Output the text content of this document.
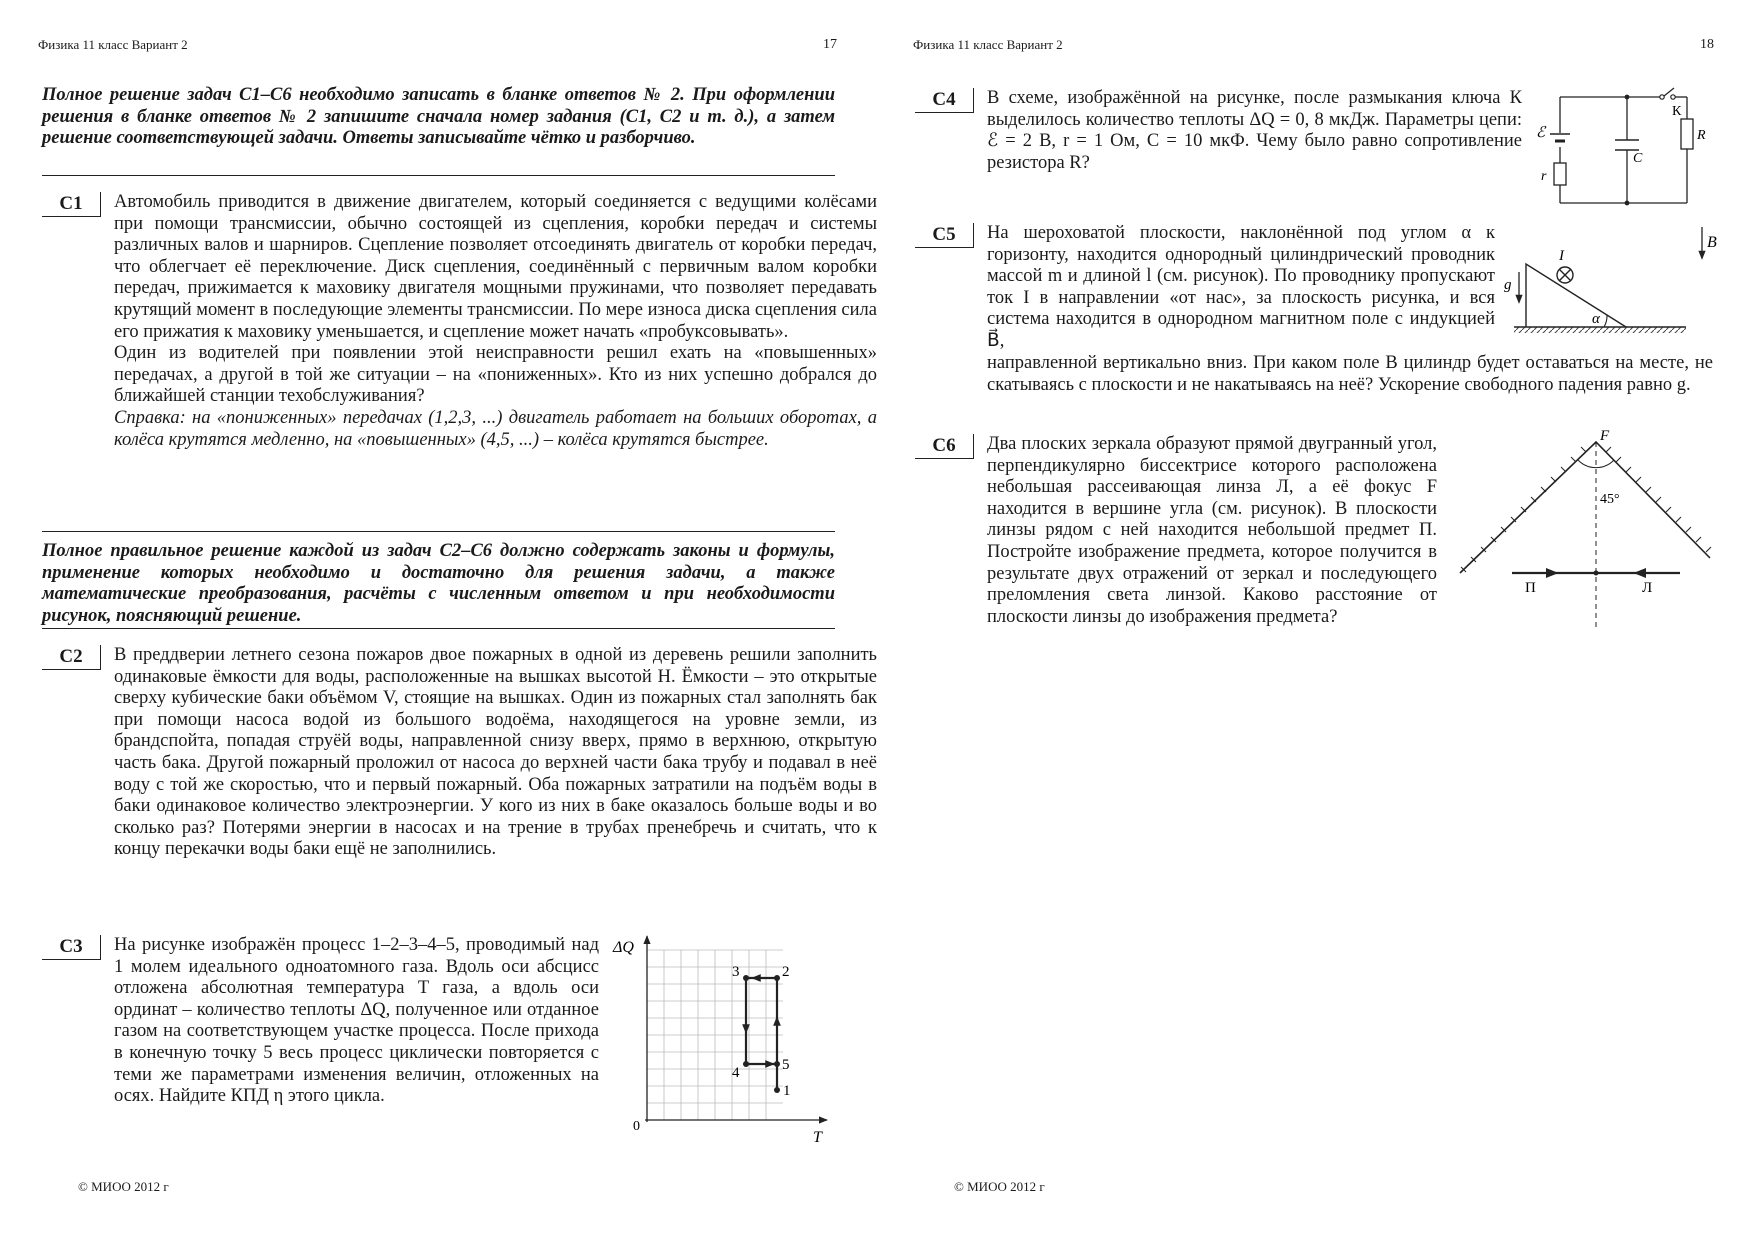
Физика 11 класс Вариант 2	17
Полное решение задач С1–С6 необходимо записать в бланке ответов № 2. При оформлении решения в бланке ответов № 2 запишите сначала номер задания (С1, С2 и т. д.), а затем решение соответствующей задачи. Ответы записывайте чётко и разборчиво.
С1	Автомобиль приводится в движение двигателем, который соединяется с ведущими колёсами при помощи трансмиссии, обычно состоящей из сцепления, коробки передач и системы различных валов и шарниров. Сцепление позволяет отсоединять двигатель от коробки передач, что облегчает её переключение. Диск сцепления, соединённый с первичным валом коробки передач, прижимается к маховику двигателя мощными пружинами, что позволяет передавать крутящий момент в последующие элементы трансмиссии. По мере износа диска сцепления сила его прижатия к маховику уменьшается, и сцепление может начать «пробуксовывать».

Один из водителей при появлении этой неисправности решил ехать на «повышенных» передачах, а другой в той же ситуации – на «пониженных». Кто из них успешно добрался до ближайшей станции техобслуживания?

Справка: на «пониженных» передачах (1,2,3, ...) двигатель работает на больших оборотах, а колёса крутятся медленно, на «повышенных» (4,5, ...) – колёса крутятся быстрее.

Полное правильное решение каждой из задач С2–С6 должно содержать законы и формулы, применение которых необходимо и достаточно для решения задачи, а также математические преобразования, расчёты с численным ответом и при необходимости рисунок, поясняющий решение.
С2	В преддверии летнего сезона пожаров двое пожарных в одной из деревень решили заполнить одинаковые ёмкости для воды, расположенные на вышках высотой H. Ёмкости – это открытые сверху кубические баки объёмом V, стоящие на вышках. Один из пожарных стал заполнять бак при помощи насоса водой из большого водоёма, находящегося на уровне земли, из брандспойта, попадая струёй воды, направленной снизу вверх, прямо в верхнюю, открытую часть бака. Другой пожарный проложил от насоса до верхней части бака трубу и подавал в неё воду с той же скоростью, что и первый пожарный. Оба пожарных затратили на подъём воды в баки одинаковое количество электроэнергии. У кого из них в баке оказалось больше воды и во сколько раз? Потерями энергии в насосах и на трение в трубах пренебречь и считать, что к концу перекачки воды баки ещё не заполнились.
С3	На рисунке изображён процесс 1–2–3–4–5, проводимый над 1 молем идеального одноатомного газа. Вдоль оси абсцисс отложена абсолютная температура T газа, а вдоль оси ординат – количество теплоты ΔQ, полученное или отданное газом на соответствующем участке процесса. После прихода в конечную точку 5 весь процесс циклически повторяется с теми же параметрами изменения величин, отложенных на осях. Найдите КПД η этого цикла.
ΔQ
T
0
1
2
3
4	5
© МИОО 2012 г
Физика 11 класс Вариант 2	18
С4	В схеме, изображённой на рисунке, после размыкания ключа К выделилось количество теплоты ΔQ = 0, 8 мкДж. Параметры цепи: ℰ = 2 В, r = 1 Ом, С = 10 мкФ. Чему было равно сопротивление резистора R?
ℰ
r
C
К
R
С5	На шероховатой плоскости, наклонённой под углом α к горизонту, находится однородный цилиндрический проводник массой m и длиной l (см. рисунок). По проводнику пропускают ток I в направлении «от нас», за плоскость рисунка, и вся система находится в однородном магнитном поле с индукцией B⃗,
направленной вертикально вниз. При каком поле B цилиндр будет оставаться на месте, не скатываясь с плоскости и не накатываясь на неё? Ускорение свободного падения равно g.
B⃗
g⃗
I
α
Два плоских зеркала образуют прямой двугранный угол, перпендикулярно биссектрисе которого расположена небольшая рассеивающая линза Л, а её фокус F находится в вершине угла (см. рисунок). В плоскости линзы рядом с ней находится небольшой предмет П. Постройте изображение предмета, которое получится в результате двух отражений от зеркал и последующего преломления света линзой. Каково расстояние от плоскости линзы до изображения предмета?
С6	F
45°
П	Л
© МИОО 2012 г
